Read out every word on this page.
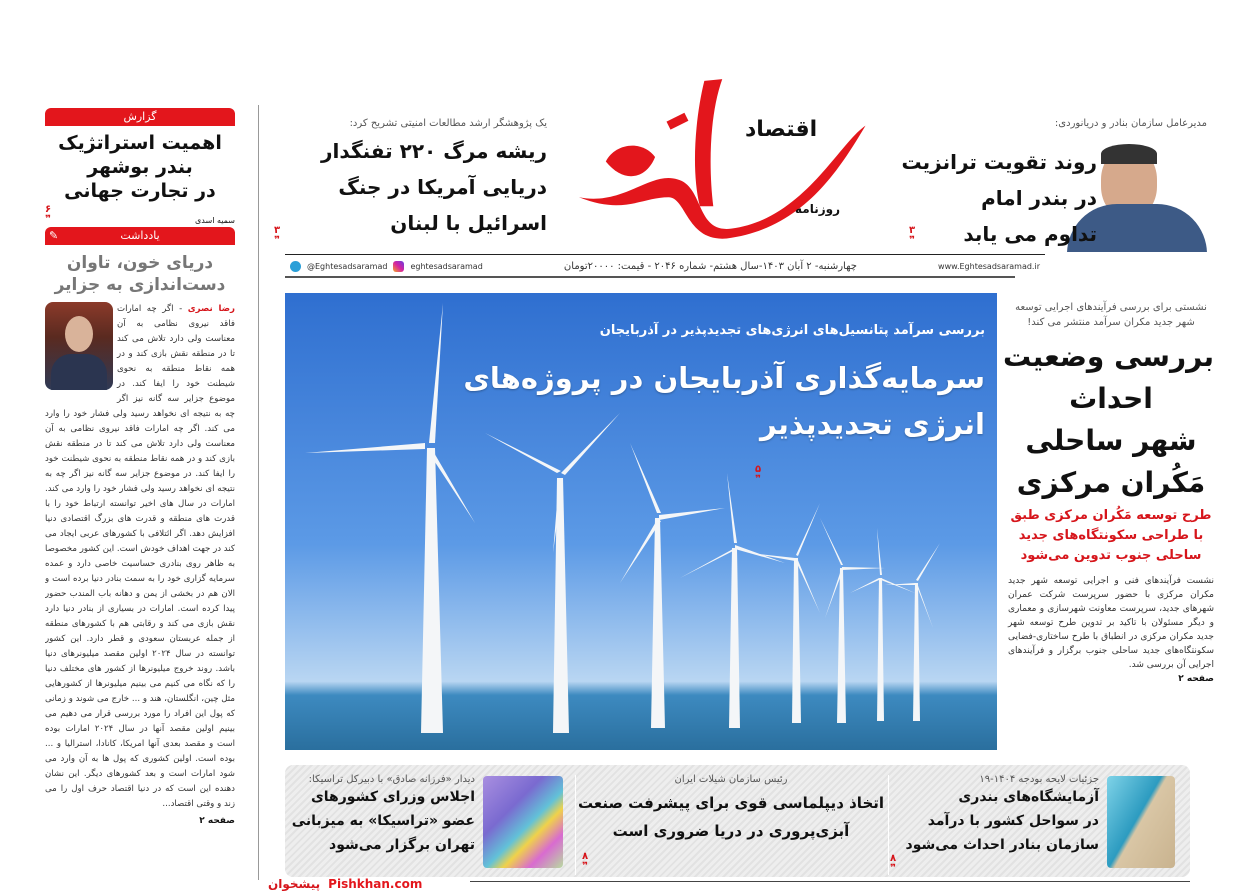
گزارش
اهمیت استراتژیک
بندر بوشهر
در تجارت جهانی
سمیه اسدی
۶
❞
یادداشت
✎
دریای خون، تاوان
دست‌اندازی به جزایر
رضا نصری - اگر چه امارات فاقد نیروی نظامی به آن معناست ولی دارد تلاش می کند تا در منطقه نقش بازی کند و در همه نقاط منطقه به نحوی شیطنت خود را ایفا کند. در موضوع جزایر سه گانه نیز اگر چه به نتیجه ای نخواهد رسید ولی فشار خود را وارد می کند. اگر چه امارات فاقد نیروی نظامی به آن معناست ولی دارد تلاش می کند تا در منطقه نقش بازی کند و در همه نقاط منطقه به نحوی شیطنت خود را ایفا کند. در موضوع جزایر سه گانه نیز اگر چه به نتیجه ای نخواهد رسید ولی فشار خود را وارد می کند. امارات در سال های اخیر توانسته ارتباط خود را با قدرت های منطقه و قدرت های بزرگ اقتصادی دنیا افزایش دهد. اگر ائتلافی با کشورهای عربی ایجاد می کند در جهت اهداف خودش است. این کشور مخصوصا به ظاهر روی بنادری حساسیت خاصی دارد و عمده سرمایه گزاری خود را به سمت بنادر دنیا برده است و الان هم در بخشی از یمن و دهانه باب المندب حضور پیدا کرده است. امارات در بسیاری از بنادر دنیا دارد نقش بازی می کند و رقابتی هم با کشورهای منطقه از جمله عربستان سعودی و قطر دارد. این کشور توانسته در سال ۲۰۲۴ اولین مقصد میلیونرهای دنیا باشد. روند خروج میلیونرها از کشور های مختلف دنیا را که نگاه می کنیم می بینیم میلیونرها از کشورهایی مثل چین، انگلستان، هند و ... خارج می شوند و زمانی که پول این افراد را مورد بررسی قرار می دهیم می بینیم اولین مقصد آنها در سال ۲۰۲۴ امارات بوده است و مقصد بعدی آنها امریکا، کانادا، استرالیا و ... بوده است. اولین کشوری که پول ها به آن وارد می شود امارات است و بعد کشورهای دیگر. این نشان دهنده این است که در دنیا اقتصاد حرف اول را می زند و وقتی اقتصاد...
صفحه ۲
مدیرعامل سازمان بنادر و دریانوردی:
روند تقویت ترانزیت
در بندر امام
تداوم می یابد
۳
❞
اقتصاد
روزنامه
یک پژوهشگر ارشد مطالعات امنیتی تشریح کرد:
ریشه مرگ ۲۲۰ تفنگدار
دریایی آمریکا در جنگ
اسرائیل با لبنان
۳
❞
@Eghtesadsaramad	eghtesadsaramad	چهارشنبه- ۲ آبان ۱۴۰۳-سال هشتم- شماره ۲۰۴۶ - قیمت: ۲۰۰۰۰تومان	www.Eghtesadsaramad.ir
بررسی سرآمد پتانسیل‌های انرژی‌های تجدیدپذیر در آذربایجان
سرمایه‌گذاری آذربایجان در پروژه‌های
انرژی تجدیدپذیر
۵
❞
نشستی برای بررسی فرآیندهای اجرایی توسعه شهر جدید مکران سرآمد منتشر می کند!
بررسی وضعیت
احداث
شهر ساحلی
مَکُران مرکزی
طرح توسعه مَکُران مرکزی طبق
با طراحی سکونتگاه‌های جدید
ساحلی جنوب تدوین می‌شود
نشست فرآیندهای فنی و اجرایی توسعه شهر جدید مکران مرکزی با حضور سرپرست شرکت عمران شهرهای جدید، سرپرست معاونت شهرسازی و معماری و دیگر مسئولان با تاکید بر تدوین طرح توسعه شهر جدید مکران مرکزی در انطباق با طرح ساختاری-فضایی سکونتگاه‌های جدید ساحلی جنوب برگزار و فرآیندهای اجرایی آن بررسی شد.
صفحه ۲
جزئیات لایحه بودجه ۱۴۰۴-۱۹
آزمایشگاه‌های بندری
در سواحل کشور با درآمد
سازمان بنادر احداث می‌شود
۸
❞
رئیس سازمان شیلات ایران
اتخاذ دیپلماسی قوی برای پیشرفت صنعت
آبزی‌پروری در دریا ضروری است
۸
❞
دیدار «فرزانه صادق» با دبیرکل تراسیکا:
اجلاس وزرای کشورهای
عضو «تراسیکا» به میزبانی
تهران برگزار می‌شود
پیشخوان Pishkhan.com
